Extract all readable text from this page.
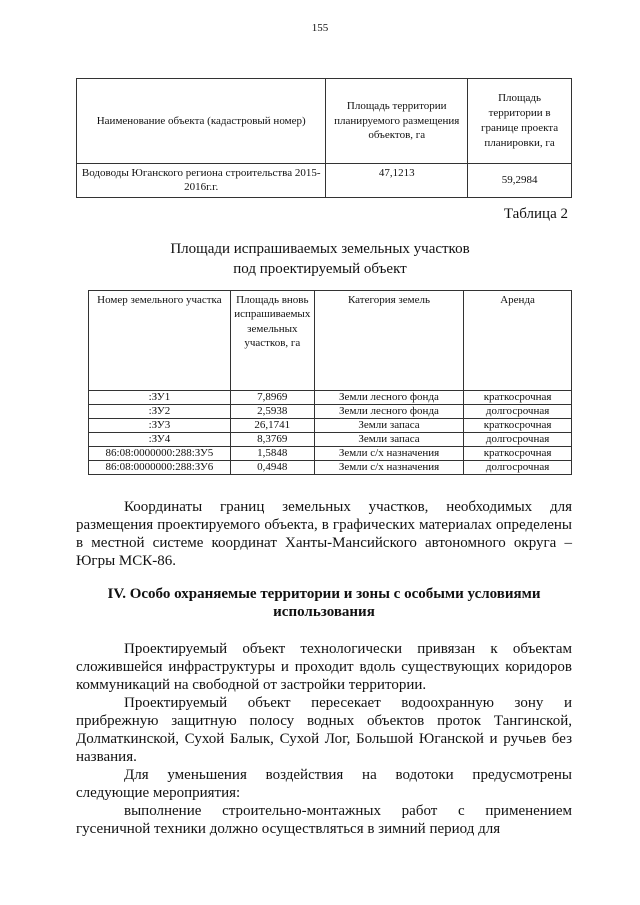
155
Наименование объекта (кадастровый номер)	Площадь территории планируемого размещения объектов, га	Площадь территории в границе проекта планировки, га
Водоводы Юганского региона строительства 2015-2016г.г.	47,1213	59,2984
Таблица 2
Площади испрашиваемых земельных участков
под проектируемый объект
Номер земельного участка	Площадь вновь испрашиваемых земельных участков, га	Категория земель	Аренда
:ЗУ1	7,8969	Земли лесного фонда	краткосрочная
:ЗУ2	2,5938	Земли лесного фонда	долгосрочная
:ЗУ3	26,1741	Земли запаса	краткосрочная
:ЗУ4	8,3769	Земли запаса	долгосрочная
86:08:0000000:288:ЗУ5	1,5848	Земли с/х назначения	краткосрочная
86:08:0000000:288:ЗУ6	0,4948	Земли с/х назначения	долгосрочная

Координаты границ земельных участков, необходимых для размещения проектируемого объекта, в графических материалах определены в местной системе координат Ханты-Мансийского автономного округа – Югры МСК-86.

IV. Особо охраняемые территории и зоны с особыми условиями использования

Проектируемый объект технологически привязан к объектам сложившейся инфраструктуры и проходит вдоль существующих коридоров коммуникаций на свободной от застройки территории.

Проектируемый объект пересекает водоохранную зону и прибрежную защитную полосу водных объектов проток Тангинской, Долматкинской, Сухой Балык, Сухой Лог, Большой Юганской и ручьев без названия.

Для уменьшения воздействия на водотоки предусмотрены следующие мероприятия:

выполнение строительно-монтажных работ с применением гусеничной техники должно осуществляться в зимний период для
